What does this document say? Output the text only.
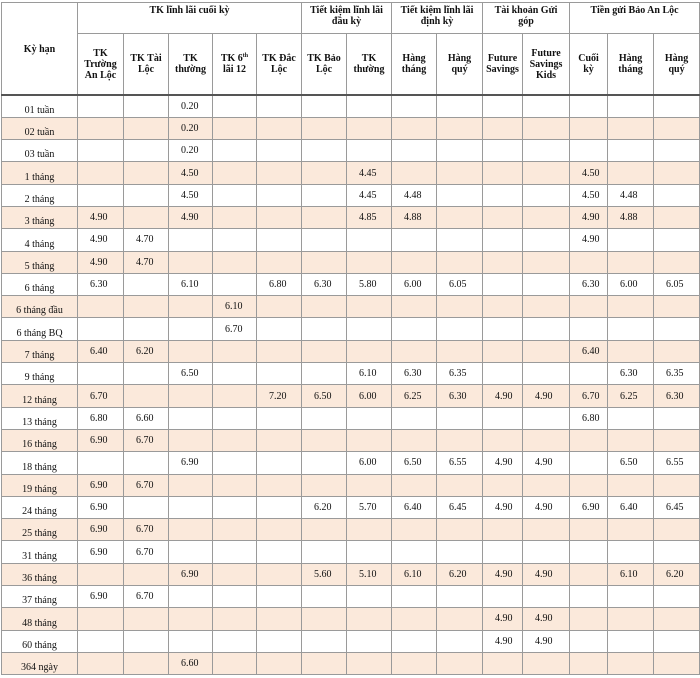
Kỳ hạn	TK lĩnh lãi cuối kỳ					Tiết kiệm lĩnh lãi đầu kỳ		Tiết kiệm lĩnh lãi định kỳ		Tài khoản Gửi góp		Tiền gửi Bảo An Lộc		
	TK Trường An Lộc	TK Tài Lộc	TK thường	TK 6th lãi 12	TK Đắc Lộc	TK Bảo Lộc	TK thường	Hàng tháng	Hàng quý	Future Savings	Future Savings Kids	Cuối kỳ	Hàng tháng	Hàng quý
01 tuần			0.20											
02 tuần			0.20											
03 tuần			0.20											
1 tháng			4.50				4.45					4.50		
2 tháng			4.50				4.45	4.48				4.50	4.48	
3 tháng	4.90		4.90				4.85	4.88				4.90	4.88	
4 tháng	4.90	4.70										4.90		
5 tháng	4.90	4.70												
6 tháng	6.30		6.10		6.80	6.30	5.80	6.00	6.05			6.30	6.00	6.05
6 tháng đầu				6.10										
6 tháng BQ				6.70										
7 tháng	6.40	6.20										6.40		
9 tháng			6.50				6.10	6.30	6.35				6.30	6.35
12 tháng	6.70				7.20	6.50	6.00	6.25	6.30	4.90	4.90	6.70	6.25	6.30
13 tháng	6.80	6.60										6.80		
16 tháng	6.90	6.70												
18 tháng			6.90				6.00	6.50	6.55	4.90	4.90		6.50	6.55
19 tháng	6.90	6.70												
24 tháng	6.90					6.20	5.70	6.40	6.45	4.90	4.90	6.90	6.40	6.45
25 tháng	6.90	6.70												
31 tháng	6.90	6.70												
36 tháng			6.90			5.60	5.10	6.10	6.20	4.90	4.90		6.10	6.20
37 tháng	6.90	6.70												
48 tháng										4.90	4.90			
60 tháng										4.90	4.90			
364 ngày			6.60											
